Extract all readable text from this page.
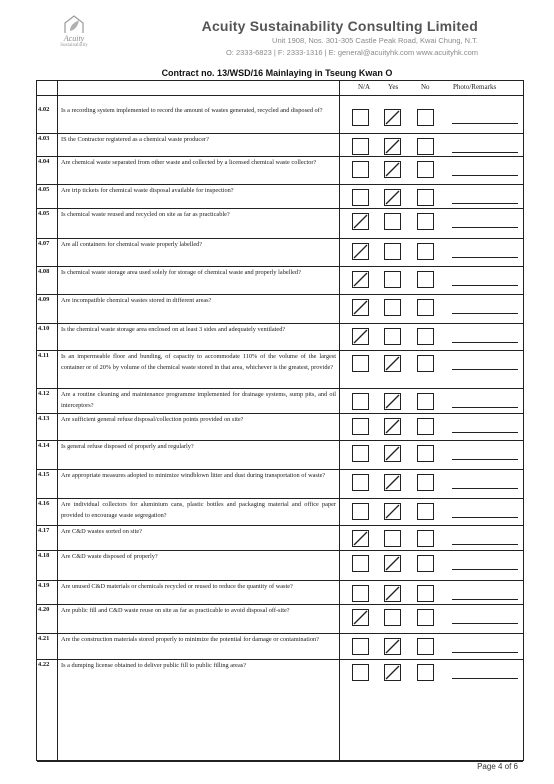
Acuity
Sustainability
Acuity Sustainability Consulting Limited
Unit 1908, Nos. 301-305 Castle Peak Road, Kwai Chung, N.T.
O: 2333-6823 | F: 2333-1316 | E: general@acuityhk.com www.acuityhk.com
Contract no. 13/WSD/16 Mainlaying in Tseung Kwan O
N/A	Yes	No	Photo/Remarks
4.02	Is a recording system implemented to record the amount of wastes generated, recycled and disposed of?
4.03	IS the Contractor registered as a chemical waste producer?
4.04	Are chemical waste separated from other waste and collected by a licensed chemical waste collector?
4.05	Are trip tickets for chemical waste disposal available for inspection?
4.05	Is chemical waste reused and recycled on site as far as practicable?
4.07	Are all containers for chemical waste properly labelled?
4.08	Is chemical waste storage area used solely for storage of chemical waste and properly labelled?
4.09	Are incompatible chemical wastes stored in different areas?
4.10	Is the chemical waste storage area enclosed on at least 3 sides and adequately ventilated?
4.11	Is an impermeable floor and bunding, of capacity to accommodate 110% of the volume of the largest container or of 20% by volume of the chemical waste stored in that area, whichever is the greatest, provide?
4.12	Are a routine cleaning and maintenance programme implemented for drainage systems, sump pits, and oil interceptors?
4.13	Are sufficient general refuse disposal/collection points provided on site?
4.14	Is general refuse disposed of properly and regularly?
4.15	Are appropriate measures adopted to minimize windblown litter and dust during transportation of waste?
4.16	Are individual collectors for aluminium cans, plastic bottles and packaging material and office paper provided to encourage waste segregation?
4.17	Are C&D wastes sorted on site?
4.18	Are C&D waste disposed of properly?
4.19	Are unused C&D materials or chemicals recycled or reused to reduce the quantity of waste?
4.20	Are public fill and C&D waste reuse on site as far as practicable to avoid disposal off-site?
4.21	Are the construction materials stored properly to minimize the potential for damage or contamination?
4.22	Is a dumping license obtained to deliver public fill to public filling areas?
Page 4 of 6
